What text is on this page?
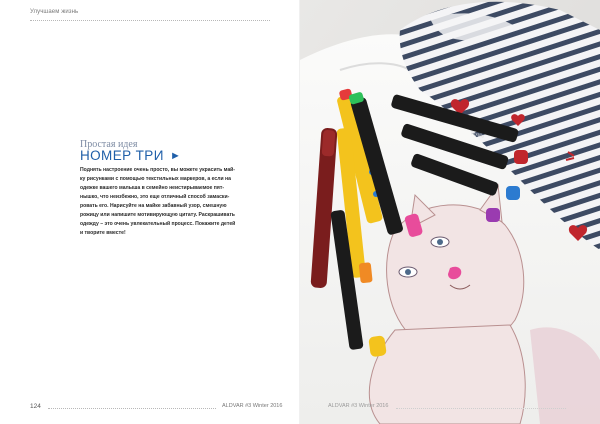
Улучшаем жизнь
Простая идея
НОМЕР ТРИ ►
Поднять настроение очень просто, вы можете украсить май-
ку рисунками с помощью текстильных маркеров, а если на
одежке вашего малыша в семейно неистирываемое пят-
нышко, что неизбежно, это еще отличный способ замаски-
ровать его. Нарисуйте на майке забавный узор, смешную
рожицу или напишите мотивирующую цитату. Раскрашивать
одежду – это очень увлекательный процесс. Покажите детей
и творите вместе!
124	ALDVAR #3 Winter 2016
Textile
ALDVAR #3 Winter 2016
